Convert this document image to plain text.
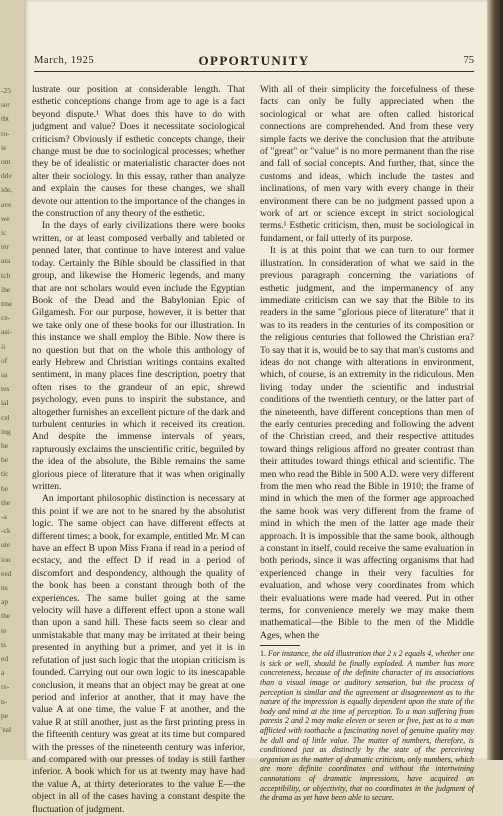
-25
ser
tbt
ro-
ie
om
dde
ide,
ave
we
ic
ter
ara
tch
ihe
tme
ce-
ast-
ii
of
sa
tes
ial
cel
ing
he
be
tic
be
the
-a
-ck
ute
ion
eed
ns
ap
the
te
ts
ed
a
re-
n-
pe
'eal
March, 1925	OPPORTUNITY	75

lustrate our position at considerable length. That esthetic conceptions change from age to age is a fact beyond dispute.¹ What does this have to do with judgment and value? Does it necessitate sociological criticism? Obviously if esthetic concepts change, their change must be due to sociological processes; whether they be of idealistic or materialistic character does not alter their sociology. In this essay, rather than analyze and explain the causes for these changes, we shall devote our attention to the importance of the changes in the construction of any theory of the esthetic.

In the days of early civilizations there were books written, or at least composed verbally and tableted or penned later, that continue to have interest and value today. Certainly the Bible should be classified in that group, and likewise the Homeric legends, and many that are not scholars would even include the Egyptian Book of the Dead and the Babylonian Epic of Gilgamesh. For our purpose, however, it is better that we take only one of these books for our illustration. In this instance we shall employ the Bible. Now there is no question but that on the whole this anthology of early Hebrew and Christian writings contains exalted sentiment, in many places fine description, poetry that often rises to the grandeur of an epic, shrewd psychology, even puns to inspirit the substance, and altogether furnishes an excellent picture of the dark and turbulent centuries in which it received its creation. And despite the immense intervals of years, rapturously exclaims the unscientific critic, beguiled by the idea of the absolute, the Bible remains the same glorious piece of literature that it was when originally written.

An important philosophic distinction is necessary at this point if we are not to be snared by the absolutist logic. The same object can have different effects at different times; a book, for example, entitled Mr. M can have an effect B upon Miss Frana if read in a period of ecstacy, and the effect D if read in a period of discomfort and despondency, although the quality of the book has been a constant through both of the experiences. The same bullet going at the same velocity will have a different effect upon a stone wall than upon a sand hill. These facts seem so clear and unmistakable that many may be irritated at their being presented in anything but a primer, and yet it is in refutation of just such logic that the utopian criticism is founded. Carrying out our own logic to its inescapable conclusion, it means that an object may be great at one period and inferior at another, that it may have the value A at one time, the value F at another, and the value R at still another, just as the first printing press in the fifteenth century was great at its time but compared with the presses of the nineteenth century was inferior, and compared with our presses of today is still farther inferior. A book which for us at twenty may have had the value A, at thirty deteriorates to the value E—the object in all of the cases having a constant despite the fluctuation of judgment.

With all of their simplicity the forcefulness of these facts can only be fully appreciated when the sociological or what are often called historical connections are comprehended. And from these very simple facts we derive the conclusion that the attribute of "great" or "value" is no more permanent than the rise and fall of social concepts. And further, that, since the customs and ideas, which include the tastes and inclinations, of men vary with every change in their environment there can be no judgment passed upon a work of art or science except in strict sociological terms.¹ Esthetic criticism, then, must be sociological in fundament, or fail utterly of its purpose.

It is at this point that we can turn to our former illustration. In consideration of what we said in the previous paragraph concerning the variations of esthetic judgment, and the impermanency of any immediate criticism can we say that the Bible to its readers in the same "glorious piece of literature" that it was to its readers in the centuries of its composition or the religious centuries that followed the Christian era? To say that it is, would be to say that man's customs and ideas do not change with alterations in environment, which, of course, is an extremity in the ridiculous. Men living today under the scientific and industrial conditions of the twentieth century, or the latter part of the nineteenth, have different conceptions than men of the early centuries preceding and following the advent of the Christian creed, and their respective attitudes toward things religious afford no greater contrast than their attitudes toward things ethical and scientific. The men who read the Bible in 500 A.D. were very different from the men who read the Bible in 1910; the frame of mind in which the men of the former age approached the same book was very different from the frame of mind in which the men of the latter age made their approach. It is impossible that the same book, although a constant in itself, could receive the same evaluation in both periods, since it was affecting organisms that had experienced change in their very faculties for evaluation, and whose very coordinates from which their evaluations were made had veered. Put in other terms, for convenience merely we may make them mathematical—the Bible to the men of the Middle Ages, when the

1. For instance, the old illustration that 2 x 2 equals 4, whether one is sick or well, should be finally exploded. A number has more concreteness, because of the definite character of its associations than a visual image or auditory sensation, but the process of perception is similar and the agreement or disagreement as to the nature of the impression is equally dependent upon the state of the body and mind at the time of perception. To a man suffering from paresis 2 and 2 may make eleven or seven or five, just as to a man afflicted with toothache a fascinating novel of genuine quality may be dull and of little value. The matter of numbers, therefore, is conditioned just as distinctly by the state of the perceiving organism as the matter of dramatic criticism, only numbers, which are more definite coordinates and without the intertwining connotations of dramatic impressions, have acquired an acceptibility, or objectivity, that no coordinates in the judgment of the drama as yet have been able to secure.
